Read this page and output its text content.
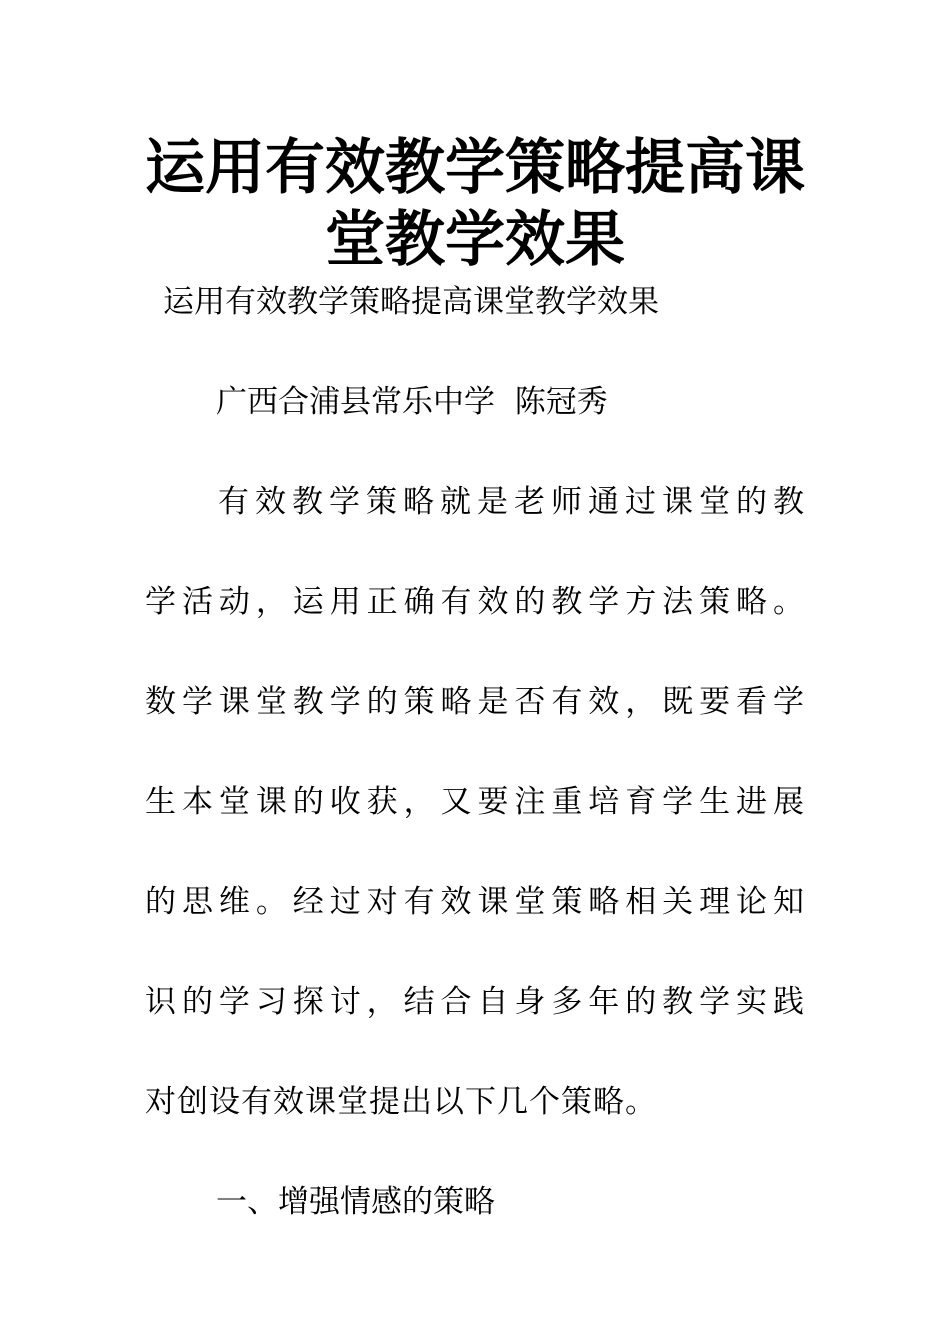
运用有效教学策略提高课
堂教学效果

运用有效教学策略提高课堂教学效果

广西合浦县常乐中学  陈冠秀

有效教学策略就是老师通过课堂的教

学活动，运用正确有效的教学方法策略。

数学课堂教学的策略是否有效，既要看学

生本堂课的收获，又要注重培育学生进展

的思维。经过对有效课堂策略相关理论知

识的学习探讨，结合自身多年的教学实践

对创设有效课堂提出以下几个策略。

一、增强情感的策略
